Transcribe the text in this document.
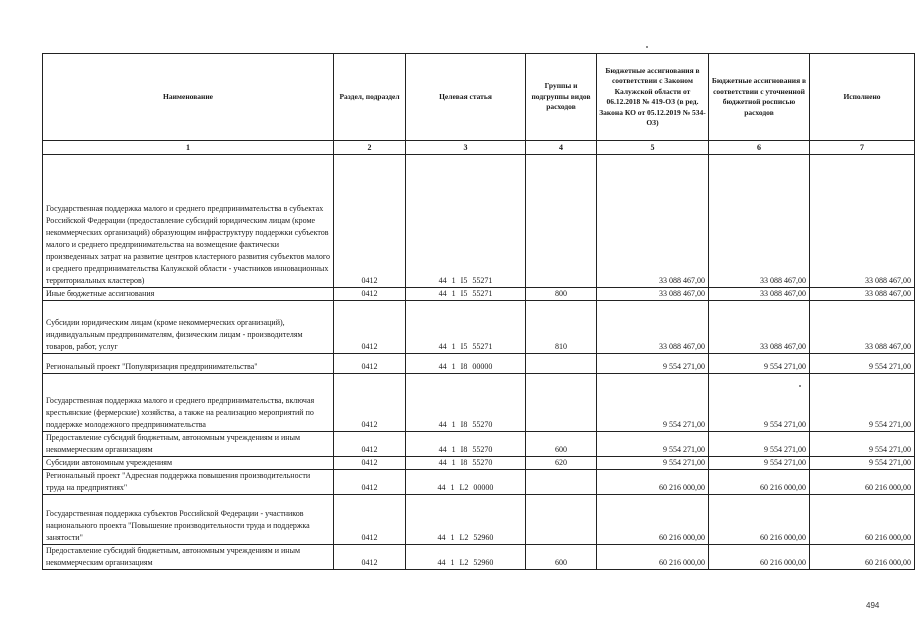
Наименование	Раздел, подраздел	Целевая статья	Группы и подгруппы видов расходов	Бюджетные ассигнования в соответствии с Законом Калужской области от 06.12.2018 № 419-ОЗ (в ред. Закона КО от 05.12.2019 № 534-ОЗ)	Бюджетные ассигнования в соответствии с уточненной бюджетной росписью расходов	Исполнено
1	2	3	4	5	6	7
Государственная поддержка малого и среднего предпринимательства в субъектах Российской Федерации (предоставление субсидий юридическим лицам (кроме некоммерческих организаций) образующим инфраструктуру поддержки субъектов малого и среднего предпринимательства на возмещение фактически произведенных затрат на развитие центров кластерного развития субъектов малого и среднего предпринимательства Калужской области - участников инновационных территориальных кластеров)	0412	44 1 I5 55271		33 088 467,00	33 088 467,00	33 088 467,00
Иные бюджетные ассигнования	0412	44 1 I5 55271	800	33 088 467,00	33 088 467,00	33 088 467,00
Субсидии юридическим лицам (кроме некоммерческих организаций), индивидуальным предпринимателям, физическим лицам - производителям товаров, работ, услуг	0412	44 1 I5 55271	810	33 088 467,00	33 088 467,00	33 088 467,00
Региональный проект "Популяризация предпринимательства"	0412	44 1 I8 00000		9 554 271,00	9 554 271,00	9 554 271,00
Государственная поддержка малого и среднего предпринимательства, включая крестьянские (фермерские) хозяйства, а также на реализацию мероприятий по поддержке молодежного предпринимательства	0412	44 1 I8 55270		9 554 271,00	9 554 271,00	9 554 271,00
Предоставление субсидий бюджетным, автономным учреждениям и иным некоммерческим организациям	0412	44 1 I8 55270	600	9 554 271,00	9 554 271,00	9 554 271,00
Субсидии автономным учреждениям	0412	44 1 I8 55270	620	9 554 271,00	9 554 271,00	9 554 271,00
Региональный проект "Адресная поддержка повышения производительности труда на предприятиях"	0412	44 1 L2 00000		60 216 000,00	60 216 000,00	60 216 000,00
Государственная поддержка субъектов Российской Федерации - участников национального проекта "Повышение производительности труда и поддержка занятости"	0412	44 1 L2 52960		60 216 000,00	60 216 000,00	60 216 000,00
Предоставление субсидий бюджетным, автономным учреждениям и иным некоммерческим организациям	0412	44 1 L2 52960	600	60 216 000,00	60 216 000,00	60 216 000,00
494
